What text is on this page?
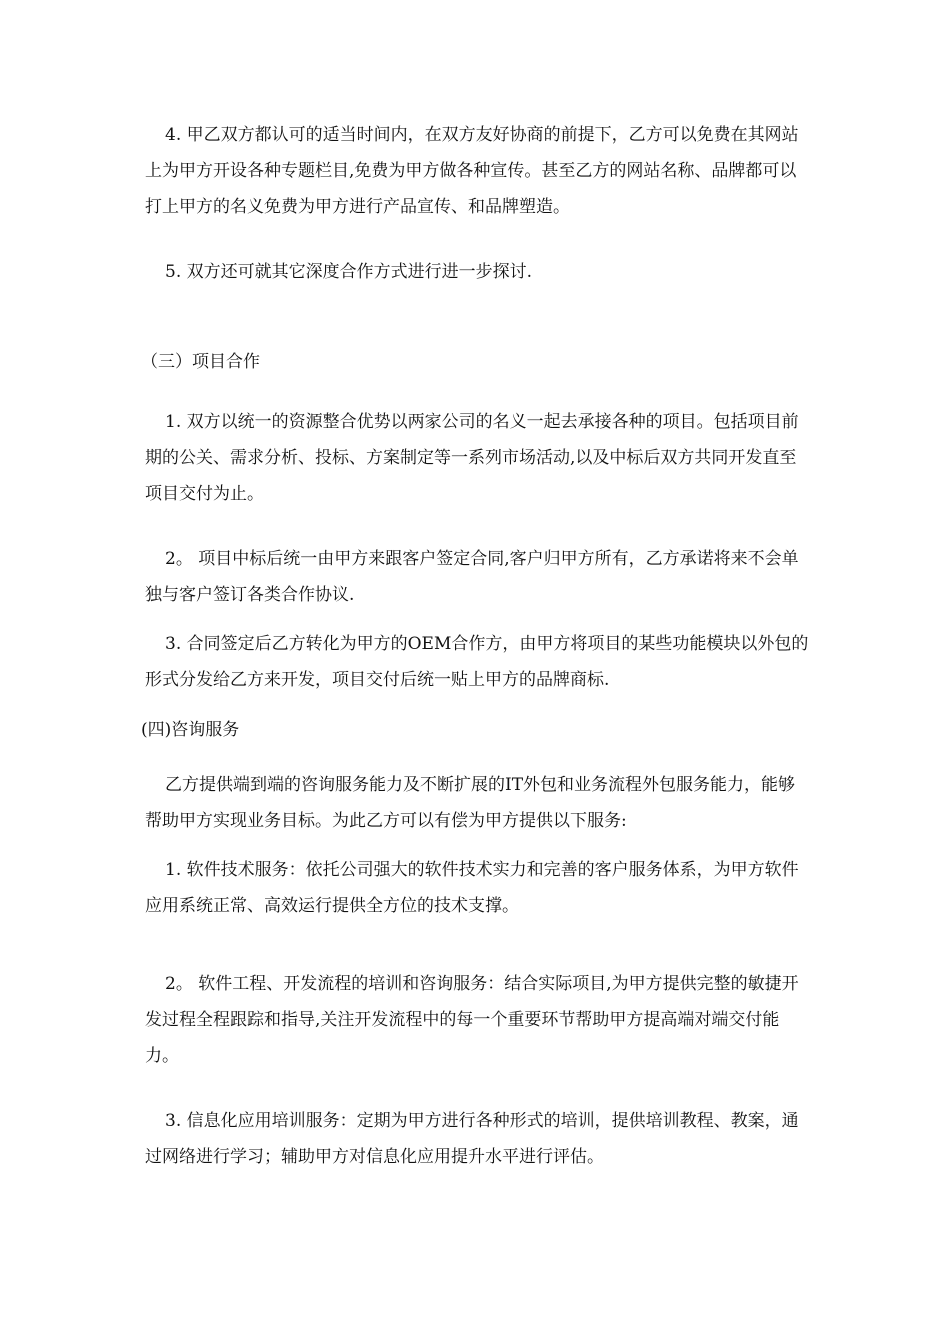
4. 甲乙双方都认可的适当时间内，在双方友好协商的前提下，乙方可以免费在其网站上为甲方开设各种专题栏目,免费为甲方做各种宣传。甚至乙方的网站名称、品牌都可以打上甲方的名义免费为甲方进行产品宣传、和品牌塑造。

5. 双方还可就其它深度合作方式进行进一步探讨.

（三）项目合作

1. 双方以统一的资源整合优势以两家公司的名义一起去承接各种的项目。包括项目前期的公关、需求分析、投标、方案制定等一系列市场活动,以及中标后双方共同开发直至项目交付为止。

2。 项目中标后统一由甲方来跟客户签定合同,客户归甲方所有，乙方承诺将来不会单独与客户签订各类合作协议.

3. 合同签定后乙方转化为甲方的OEM合作方，由甲方将项目的某些功能模块以外包的形式分发给乙方来开发，项目交付后统一贴上甲方的品牌商标.

(四)咨询服务

乙方提供端到端的咨询服务能力及不断扩展的IT外包和业务流程外包服务能力，能够帮助甲方实现业务目标。为此乙方可以有偿为甲方提供以下服务:

1. 软件技术服务：依托公司强大的软件技术实力和完善的客户服务体系，为甲方软件应用系统正常、高效运行提供全方位的技术支撑。

2。 软件工程、开发流程的培训和咨询服务：结合实际项目,为甲方提供完整的敏捷开发过程全程跟踪和指导,关注开发流程中的每一个重要环节帮助甲方提高端对端交付能力。

3. 信息化应用培训服务：定期为甲方进行各种形式的培训，提供培训教程、教案，通过网络进行学习；辅助甲方对信息化应用提升水平进行评估。
